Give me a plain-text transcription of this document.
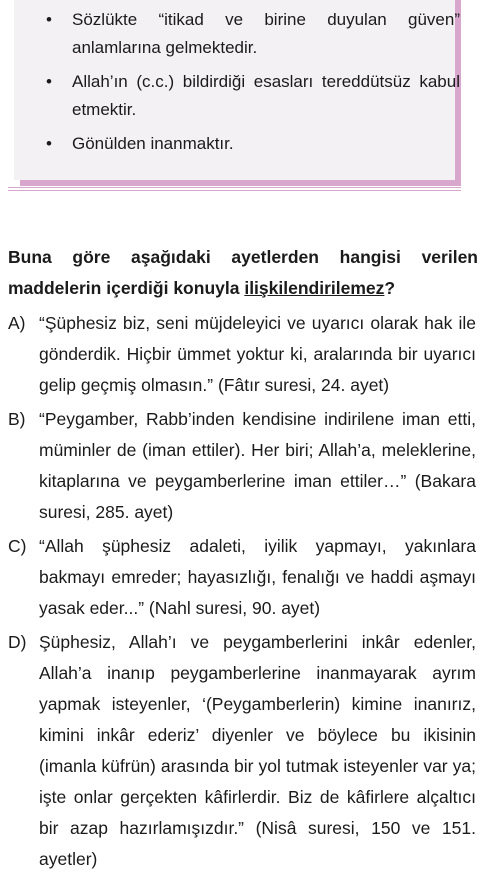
• Sözlükte “itikad ve birine duyulan güven” anlamlarına gelmektedir.
• Allah’ın (c.c.) bildirdiği esasları tereddütsüz kabul etmektir.
• Gönülden inanmaktır.

Buna göre aşağıdaki ayetlerden hangisi verilen maddelerin içerdiği konuyla ilişkilendirilemez?

A) “Şüphesiz biz, seni müjdeleyici ve uyarıcı olarak hak ile gönderdik. Hiçbir ümmet yoktur ki, aralarında bir uyarıcı gelip geçmiş olmasın.” (Fâtır suresi, 24. ayet)
B) “Peygamber, Rabb’inden kendisine indirilene iman etti, müminler de (iman ettiler). Her biri; Allah’a, meleklerine, kitaplarına ve peygamberlerine iman ettiler…” (Bakara suresi, 285. ayet)
C) “Allah şüphesiz adaleti, iyilik yapmayı, yakınlara bakmayı emreder; hayasızlığı, fenalığı ve haddi aşmayı yasak eder...” (Nahl suresi, 90. ayet)
D) Şüphesiz, Allah’ı ve peygamberlerini inkâr edenler, Allah’a inanıp peygamberlerine inanmayarak ayrım yapmak isteyenler, ‘(Peygamberlerin) kimine inanırız, kimini inkâr ederiz’ diyenler ve böylece bu ikisinin (imanla küfrün) arasında bir yol tutmak isteyenler var ya; işte onlar gerçekten kâfirlerdir. Biz de kâfirlere alçaltıcı bir azap hazırlamışızdır.” (Nisâ suresi, 150 ve 151. ayetler)
